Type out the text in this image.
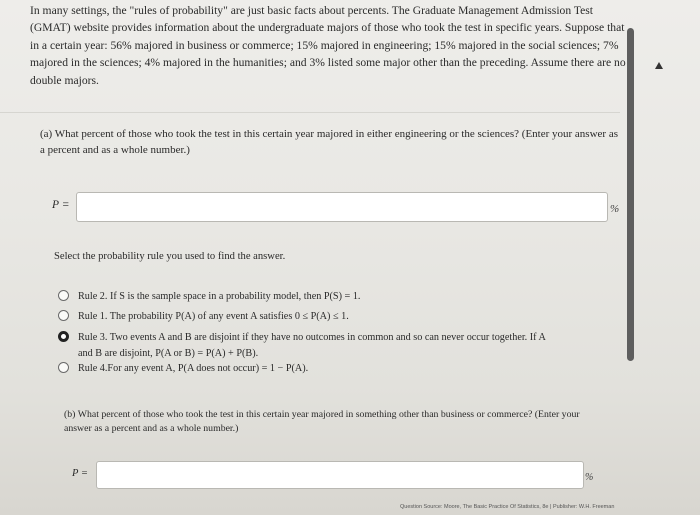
In many settings, the "rules of probability" are just basic facts about percents. The Graduate Management Admission Test (GMAT) website provides information about the undergraduate majors of those who took the test in specific years. Suppose that in a certain year: 56% majored in business or commerce; 15% majored in engineering; 15% majored in the social sciences; 7% majored in the sciences; 4% majored in the humanities; and 3% listed some major other than the preceding. Assume there are no double majors.
(a) What percent of those who took the test in this certain year majored in either engineering or the sciences? (Enter your answer as a percent and as a whole number.)
P =	%
Select the probability rule you used to find the answer.
Rule 2. If S is the sample space in a probability model, then P(S) = 1.
Rule 1. The probability P(A) of any event A satisfies 0 ≤ P(A) ≤ 1.
Rule 3. Two events A and B are disjoint if they have no outcomes in common and so can never occur together. If A
and B are disjoint, P(A or B) = P(A) + P(B).
Rule 4.For any event A, P(A does not occur) = 1 − P(A).
(b) What percent of those who took the test in this certain year majored in something other than business or commerce? (Enter your answer as a percent and as a whole number.)
P =	%
Question Source: Moore, The Basic Practice Of Statistics, 8e | Publisher: W.H. Freeman
